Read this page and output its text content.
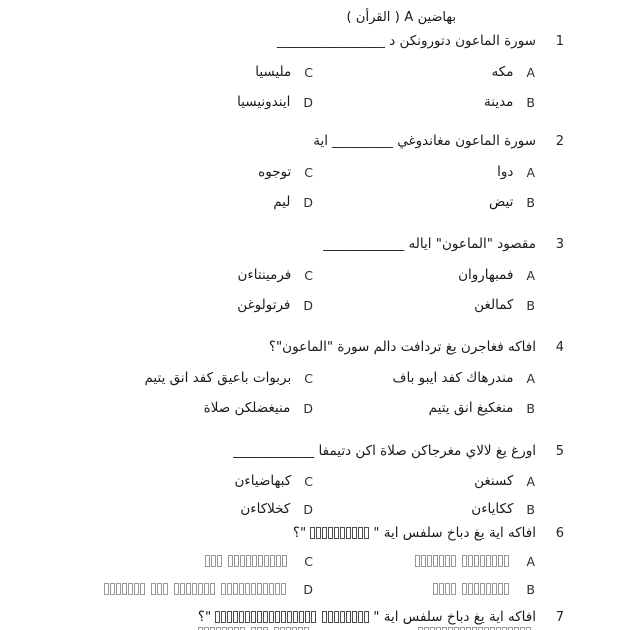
بهاضين A ( القرأن )
1
سورة الماعون دتورونكن د ________________
A
مكه
C
مليسيا
B
مدينة
D
ايندونيسيا
2
سورة الماعون مغاندوغي _________ اية
A
دوا
C
توجوه
B
تيض
D
ليم
3
مقصود "الماعون" اياله ____________
A
فمبهاروان
C
فرمينتاءن
B
كمالغن
D
فرتولوغن
4
افاكه فغاجرن يغ تردافت دالم سورة "الماعون"؟
A
مندرهاك كفد ايبو باف
C
بربوات باعيق كفد انق يتيم
B
منغكيغ انق يتيم
D
منيغضلكن صلاة
5
اورغ يغ لالاي مغرجاكن صلاة اكن دتيمفا ____________
A
كسنغن
C
كبهاضياءن
B
ككاياءن
D
كخلاكاءن
6
افاكه اية يغ دباخ سلفس اية "
"؟
A
C
B
D
7
افاكه اية يغ دباخ سلفس اية "
"؟
